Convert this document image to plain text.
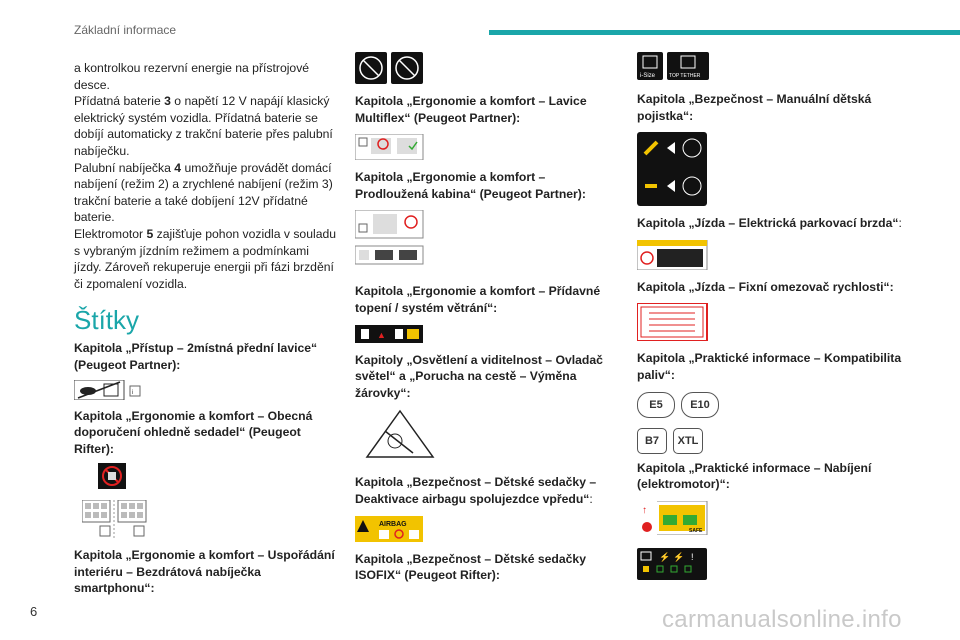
Základní informace

a kontrolkou rezervní energie na přístrojové desce.

Přídatná baterie 3 o napětí 12 V napájí klasický elektrický systém vozidla. Přídatná baterie se dobíjí automaticky z trakční baterie přes palubní nabíječku.

Palubní nabíječka 4 umožňuje provádět domácí nabíjení (režim 2) a zrychlené nabíjení (režim 3) trakční baterie a také dobíjení 12V přídatné baterie.

Elektromotor 5 zajišťuje pohon vozidla v souladu s vybraným jízdním režimem a podmínkami jízdy. Zároveň rekuperuje energii při fázi brzdění či zpomalení vozidla.

Štítky
Kapitola „Přístup – 2místná přední lavice“ (Peugeot Partner):
i
Kapitola „Ergonomie a komfort – Obecná doporučení ohledně sedadel“ (Peugeot Rifter):
Kapitola „Ergonomie a komfort – Uspořádání interiéru – Bezdrátová nabíječka smartphonu“:
Kapitola „Ergonomie a komfort – Lavice Multiflex“ (Peugeot Partner):
Kapitola „Ergonomie a komfort – Prodloužená kabina“ (Peugeot Partner):
Kapitola „Ergonomie a komfort – Přídavné topení / systém větrání“:
▲
Kapitoly „Osvětlení a viditelnost – Ovladač světel“ a „Porucha na cestě – Výměna žárovky“:
Kapitola „Bezpečnost – Dětské sedačky – Deaktivace airbagu spolujezdce vpředu“:
AIRBAG
Kapitola „Bezpečnost – Dětské sedačky ISOFIX“ (Peugeot Rifter):
i-Size	TOP TETHER
Kapitola „Bezpečnost – Manuální dětská pojistka“:
Kapitola „Jízda – Elektrická parkovací brzda“:
Kapitola „Jízda – Fixní omezovač rychlosti“:
Kapitola „Praktické informace – Kompatibilita paliv“:
E5	E10
B7	XTL
Kapitola „Praktické informace – Nabíjení (elektromotor)“:
↑
SAFE
⚡ ⚡ !
6	carmanualsonline.info
